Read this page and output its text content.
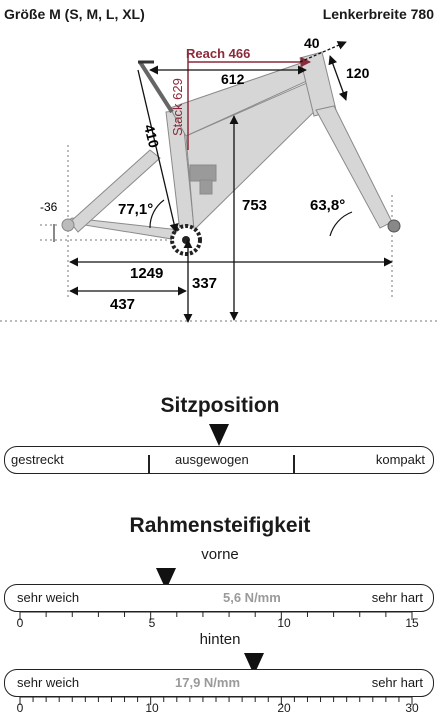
Größe M (S, M, L, XL)	Lenkerbreite 780
Reach 466
Stack 629	612
40
120
410
77,1°	63,8°
-36	753
337
1249
437
Sitzposition
gestreckt	ausgewogen	kompakt
Rahmensteifigkeit
vorne
sehr weich	5,6 N/mm	sehr hart
0	5	10	15
hinten
sehr weich	17,9 N/mm	sehr hart
0	10	20	30
